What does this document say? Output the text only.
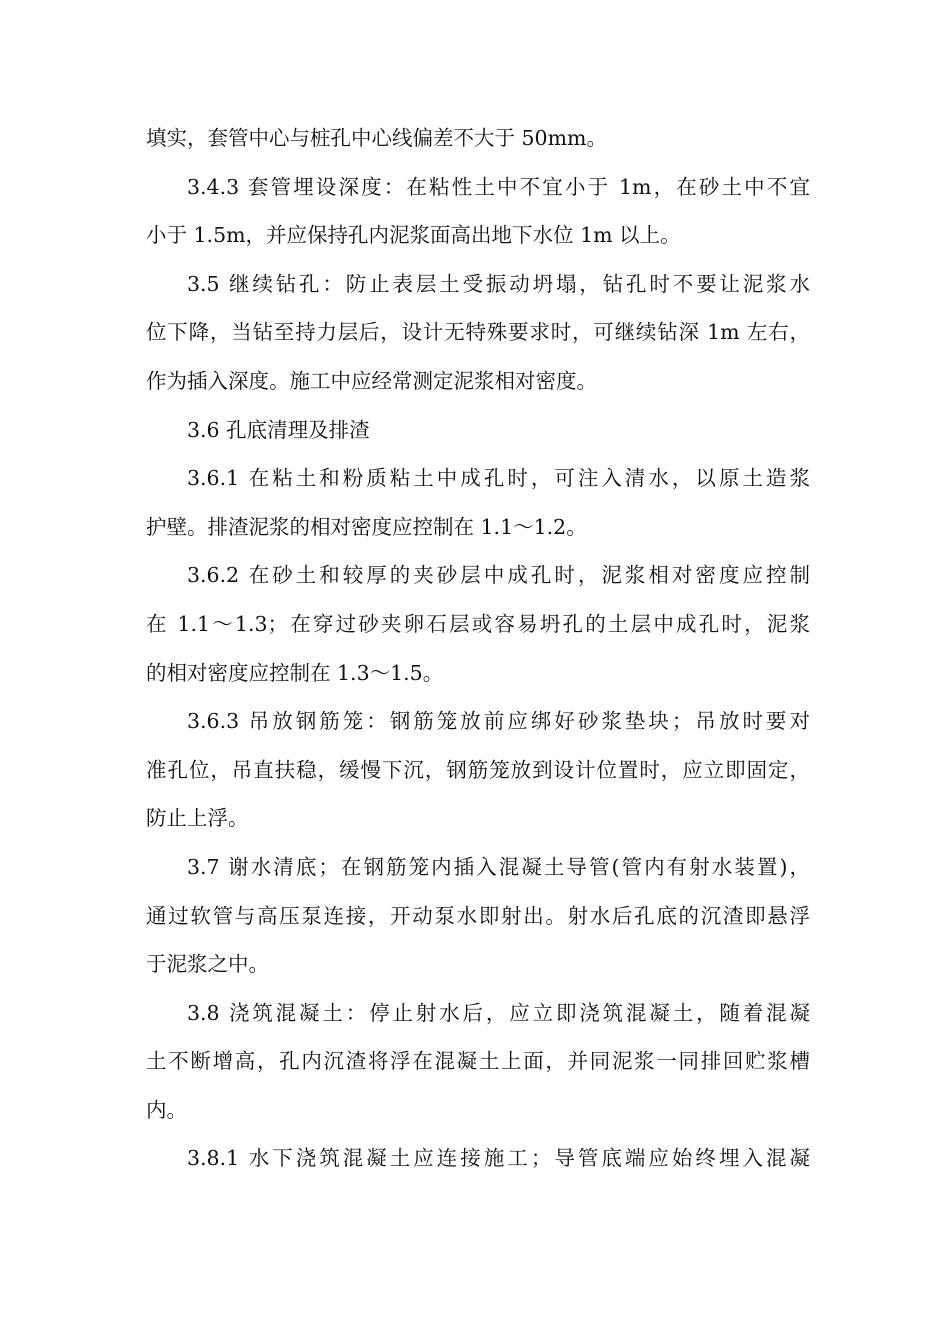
填实，套管中心与桩孔中心线偏差不大于 50mm。
3.4.3 套管埋设深度：在粘性土中不宜小于 1m，在砂土中不宜
小于 1.5m，并应保持孔内泥浆面高出地下水位 1m 以上。
3.5 继续钻孔：防止表层土受振动坍塌，钻孔时不要让泥浆水
位下降，当钻至持力层后，设计无特殊要求时，可继续钻深 1m 左右，
作为插入深度。施工中应经常测定泥浆相对密度。
3.6 孔底清理及排渣
3.6.1 在粘土和粉质粘土中成孔时，可注入清水，以原土造浆
护壁。排渣泥浆的相对密度应控制在 1.1～1.2。
3.6.2 在砂土和较厚的夹砂层中成孔时，泥浆相对密度应控制
在 1.1～1.3；在穿过砂夹卵石层或容易坍孔的土层中成孔时，泥浆
的相对密度应控制在 1.3～1.5。
3.6.3 吊放钢筋笼：钢筋笼放前应绑好砂浆垫块；吊放时要对
准孔位，吊直扶稳，缓慢下沉，钢筋笼放到设计位置时，应立即固定，
防止上浮。
3.7 谢水清底；在钢筋笼内插入混凝土导管(管内有射水装置)，
通过软管与高压泵连接，开动泵水即射出。射水后孔底的沉渣即悬浮
于泥浆之中。
3.8 浇筑混凝土：停止射水后，应立即浇筑混凝土，随着混凝
土不断增高，孔内沉渣将浮在混凝土上面，并同泥浆一同排回贮浆槽
内。
3.8.1 水下浇筑混凝土应连接施工；导管底端应始终埋入混凝
